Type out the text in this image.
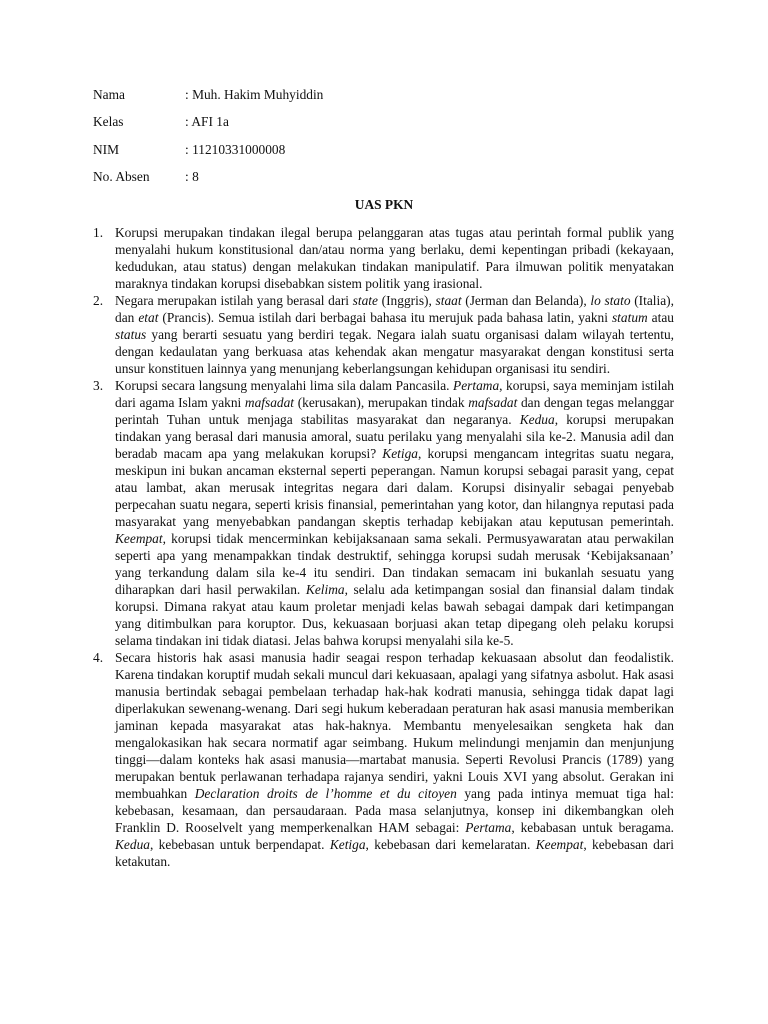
Nama	: Muh. Hakim Muhyiddin
Kelas	: AFI 1a
NIM	: 11210331000008
No. Absen	: 8
UAS PKN
1. Korupsi merupakan tindakan ilegal berupa pelanggaran atas tugas atau perintah formal publik yang menyalahi hukum konstitusional dan/atau norma yang berlaku, demi kepentingan pribadi (kekayaan, kedudukan, atau status) dengan melakukan tindakan manipulatif. Para ilmuwan politik menyatakan maraknya tindakan korupsi disebabkan sistem politik yang irasional.
2. Negara merupakan istilah yang berasal dari state (Inggris), staat (Jerman dan Belanda), lo stato (Italia), dan etat (Prancis). Semua istilah dari berbagai bahasa itu merujuk pada bahasa latin, yakni statum atau status yang berarti sesuatu yang berdiri tegak. Negara ialah suatu organisasi dalam wilayah tertentu, dengan kedaulatan yang berkuasa atas kehendak akan mengatur masyarakat dengan konstitusi serta unsur konstituen lainnya yang menunjang keberlangsungan kehidupan organisasi itu sendiri.
3. Korupsi secara langsung menyalahi lima sila dalam Pancasila. Pertama, korupsi, saya meminjam istilah dari agama Islam yakni mafsadat (kerusakan), merupakan tindak mafsadat dan dengan tegas melanggar perintah Tuhan untuk menjaga stabilitas masyarakat dan negaranya. Kedua, korupsi merupakan tindakan yang berasal dari manusia amoral, suatu perilaku yang menyalahi sila ke-2. Manusia adil dan beradab macam apa yang melakukan korupsi? Ketiga, korupsi mengancam integritas suatu negara, meskipun ini bukan ancaman eksternal seperti peperangan. Namun korupsi sebagai parasit yang, cepat atau lambat, akan merusak integritas negara dari dalam. Korupsi disinyalir sebagai penyebab perpecahan suatu negara, seperti krisis finansial, pemerintahan yang kotor, dan hilangnya reputasi pada masyarakat yang menyebabkan pandangan skeptis terhadap kebijakan atau keputusan pemerintah. Keempat, korupsi tidak mencerminkan kebijaksanaan sama sekali. Permusyawaratan atau perwakilan seperti apa yang menampakkan tindak destruktif, sehingga korupsi sudah merusak ‘Kebijaksanaan’ yang terkandung dalam sila ke-4 itu sendiri. Dan tindakan semacam ini bukanlah sesuatu yang diharapkan dari hasil perwakilan. Kelima, selalu ada ketimpangan sosial dan finansial dalam tindak korupsi. Dimana rakyat atau kaum proletar menjadi kelas bawah sebagai dampak dari ketimpangan yang ditimbulkan para koruptor. Dus, kekuasaan borjuasi akan tetap dipegang oleh pelaku korupsi selama tindakan ini tidak diatasi. Jelas bahwa korupsi menyalahi sila ke-5.
4. Secara historis hak asasi manusia hadir seagai respon terhadap kekuasaan absolut dan feodalistik. Karena tindakan koruptif mudah sekali muncul dari kekuasaan, apalagi yang sifatnya asbolut. Hak asasi manusia bertindak sebagai pembelaan terhadap hak-hak kodrati manusia, sehingga tidak dapat lagi diperlakukan sewenang-wenang. Dari segi hukum keberadaan peraturan hak asasi manusia memberikan jaminan kepada masyarakat atas hak-haknya. Membantu menyelesaikan sengketa hak dan mengalokasikan hak secara normatif agar seimbang. Hukum melindungi menjamin dan menjunjung tinggi—dalam konteks hak asasi manusia—martabat manusia. Seperti Revolusi Prancis (1789) yang merupakan bentuk perlawanan terhadapa rajanya sendiri, yakni Louis XVI yang absolut. Gerakan ini membuahkan Declaration droits de l’homme et du citoyen yang pada intinya memuat tiga hal: kebebasan, kesamaan, dan persaudaraan. Pada masa selanjutnya, konsep ini dikembangkan oleh Franklin D. Rooselvelt yang memperkenalkan HAM sebagai: Pertama, kebabasan untuk beragama. Kedua, kebebasan untuk berpendapat. Ketiga, kebebasan dari kemelaratan. Keempat, kebebasan dari ketakutan.
